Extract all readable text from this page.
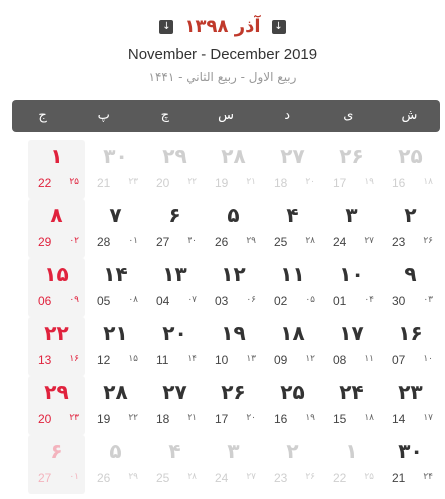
↓ آذر ۱۳۹۸ ↓
November - December 2019
ربيع الاول - ربيع الثاني - ۱۴۴۱
ش
ی
د
س
چ
پ
ج
۲۵
16 ۱۸
۲۶
17 ۱۹
۲۷
18 ۲۰
۲۸
19 ۲۱
۲۹
20 ۲۲
۳۰
21 ۲۳
۱
22 ۲۵
۲
23 ۲۶
۳
24 ۲۷
۴
25 ۲۸
۵
26 ۲۹
۶
27 ۳۰
۷
28 ۰۱
۸
29 ۰۲
۹
30 ۰۳
۱۰
01 ۰۴
۱۱
02 ۰۵
۱۲
03 ۰۶
۱۳
04 ۰۷
۱۴
05 ۰۸
۱۵
06 ۰۹
۱۶
07 ۱۰
۱۷
08 ۱۱
۱۸
09 ۱۲
۱۹
10 ۱۳
۲۰
11 ۱۴
۲۱
12 ۱۵
۲۲
13 ۱۶
۲۳
14 ۱۷
۲۴
15 ۱۸
۲۵
16 ۱۹
۲۶
17 ۲۰
۲۷
18 ۲۱
۲۸
19 ۲۲
۲۹
20 ۲۳
۳۰
21 ۲۴
۱
22 ۲۵
۲
23 ۲۶
۳
24 ۲۷
۴
25 ۲۸
۵
26 ۲۹
۶
27 ۰۱
